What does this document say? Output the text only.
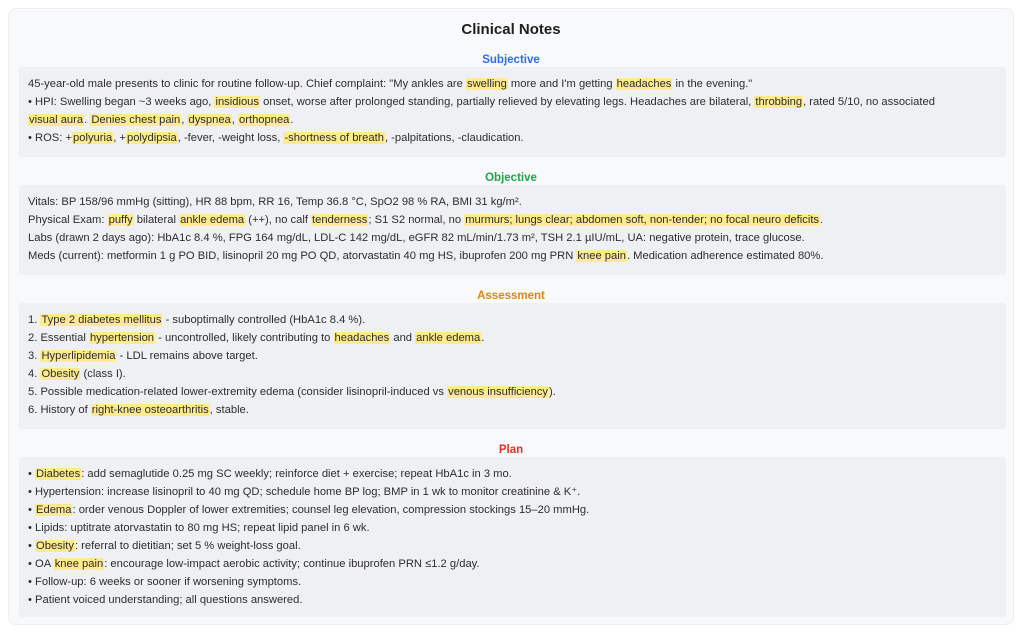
Clinical Notes
Subjective
45-year-old male presents to clinic for routine follow-up. Chief complaint: "My ankles are swelling more and I'm getting headaches in the evening."
• HPI: Swelling began ~3 weeks ago, insidious onset, worse after prolonged standing, partially relieved by elevating legs. Headaches are bilateral, throbbing, rated 5/10, no associated
visual aura. Denies chest pain, dyspnea, orthopnea.
• ROS: +polyuria, +polydipsia, -fever, -weight loss, -shortness of breath, -palpitations, -claudication.
Objective
Vitals: BP 158/96 mmHg (sitting), HR 88 bpm, RR 16, Temp 36.8 °C, SpO2 98 % RA, BMI 31 kg/m².
Physical Exam: puffy bilateral ankle edema (++), no calf tenderness; S1 S2 normal, no murmurs; lungs clear; abdomen soft, non-tender; no focal neuro deficits.
Labs (drawn 2 days ago): HbA1c 8.4 %, FPG 164 mg/dL, LDL-C 142 mg/dL, eGFR 82 mL/min/1.73 m², TSH 2.1 µIU/mL, UA: negative protein, trace glucose.
Meds (current): metformin 1 g PO BID, lisinopril 20 mg PO QD, atorvastatin 40 mg HS, ibuprofen 200 mg PRN knee pain. Medication adherence estimated 80%.
Assessment
1. Type 2 diabetes mellitus - suboptimally controlled (HbA1c 8.4 %).
2. Essential hypertension - uncontrolled, likely contributing to headaches and ankle edema.
3. Hyperlipidemia - LDL remains above target.
4. Obesity (class I).
5. Possible medication-related lower-extremity edema (consider lisinopril-induced vs venous insufficiency).
6. History of right-knee osteoarthritis, stable.
Plan
• Diabetes: add semaglutide 0.25 mg SC weekly; reinforce diet + exercise; repeat HbA1c in 3 mo.
• Hypertension: increase lisinopril to 40 mg QD; schedule home BP log; BMP in 1 wk to monitor creatinine & K⁺.
• Edema: order venous Doppler of lower extremities; counsel leg elevation, compression stockings 15–20 mmHg.
• Lipids: uptitrate atorvastatin to 80 mg HS; repeat lipid panel in 6 wk.
• Obesity: referral to dietitian; set 5 % weight-loss goal.
• OA knee pain: encourage low-impact aerobic activity; continue ibuprofen PRN ≤1.2 g/day.
• Follow-up: 6 weeks or sooner if worsening symptoms.
• Patient voiced understanding; all questions answered.
